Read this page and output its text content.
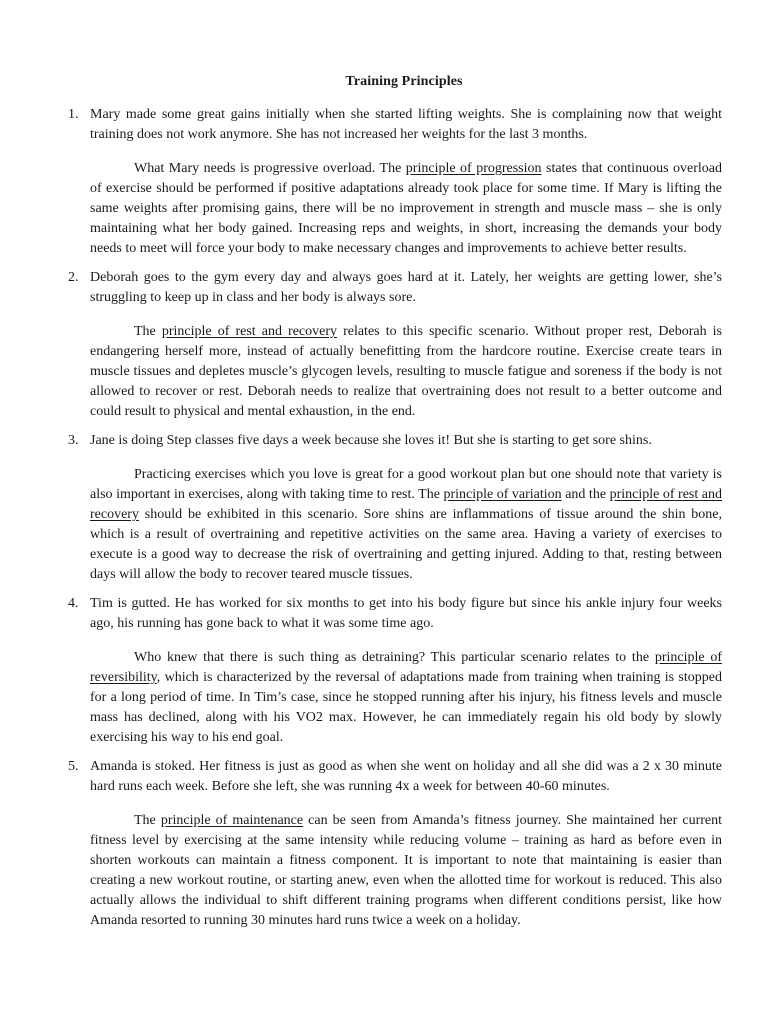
Training Principles
1. Mary made some great gains initially when she started lifting weights. She is complaining now that weight training does not work anymore. She has not increased her weights for the last 3 months.

What Mary needs is progressive overload. The principle of progression states that continuous overload of exercise should be performed if positive adaptations already took place for some time. If Mary is lifting the same weights after promising gains, there will be no improvement in strength and muscle mass – she is only maintaining what her body gained. Increasing reps and weights, in short, increasing the demands your body needs to meet will force your body to make necessary changes and improvements to achieve better results.

2. Deborah goes to the gym every day and always goes hard at it. Lately, her weights are getting lower, she’s struggling to keep up in class and her body is always sore.

The principle of rest and recovery relates to this specific scenario. Without proper rest, Deborah is endangering herself more, instead of actually benefitting from the hardcore routine. Exercise create tears in muscle tissues and depletes muscle’s glycogen levels, resulting to muscle fatigue and soreness if the body is not allowed to recover or rest. Deborah needs to realize that overtraining does not result to a better outcome and could result to physical and mental exhaustion, in the end.

3. Jane is doing Step classes five days a week because she loves it! But she is starting to get sore shins.

Practicing exercises which you love is great for a good workout plan but one should note that variety is also important in exercises, along with taking time to rest. The principle of variation and the principle of rest and recovery should be exhibited in this scenario. Sore shins are inflammations of tissue around the shin bone, which is a result of overtraining and repetitive activities on the same area. Having a variety of exercises to execute is a good way to decrease the risk of overtraining and getting injured. Adding to that, resting between days will allow the body to recover teared muscle tissues.

4. Tim is gutted. He has worked for six months to get into his body figure but since his ankle injury four weeks ago, his running has gone back to what it was some time ago.

Who knew that there is such thing as detraining? This particular scenario relates to the principle of reversibility, which is characterized by the reversal of adaptations made from training when training is stopped for a long period of time. In Tim’s case, since he stopped running after his injury, his fitness levels and muscle mass has declined, along with his VO2 max. However, he can immediately regain his old body by slowly exercising his way to his end goal.

5. Amanda is stoked. Her fitness is just as good as when she went on holiday and all she did was a 2 x 30 minute hard runs each week. Before she left, she was running 4x a week for between 40-60 minutes.

The principle of maintenance can be seen from Amanda’s fitness journey. She maintained her current fitness level by exercising at the same intensity while reducing volume – training as hard as before even in shorten workouts can maintain a fitness component. It is important to note that maintaining is easier than creating a new workout routine, or starting anew, even when the allotted time for workout is reduced. This also actually allows the individual to shift different training programs when different conditions persist, like how Amanda resorted to running 30 minutes hard runs twice a week on a holiday.
